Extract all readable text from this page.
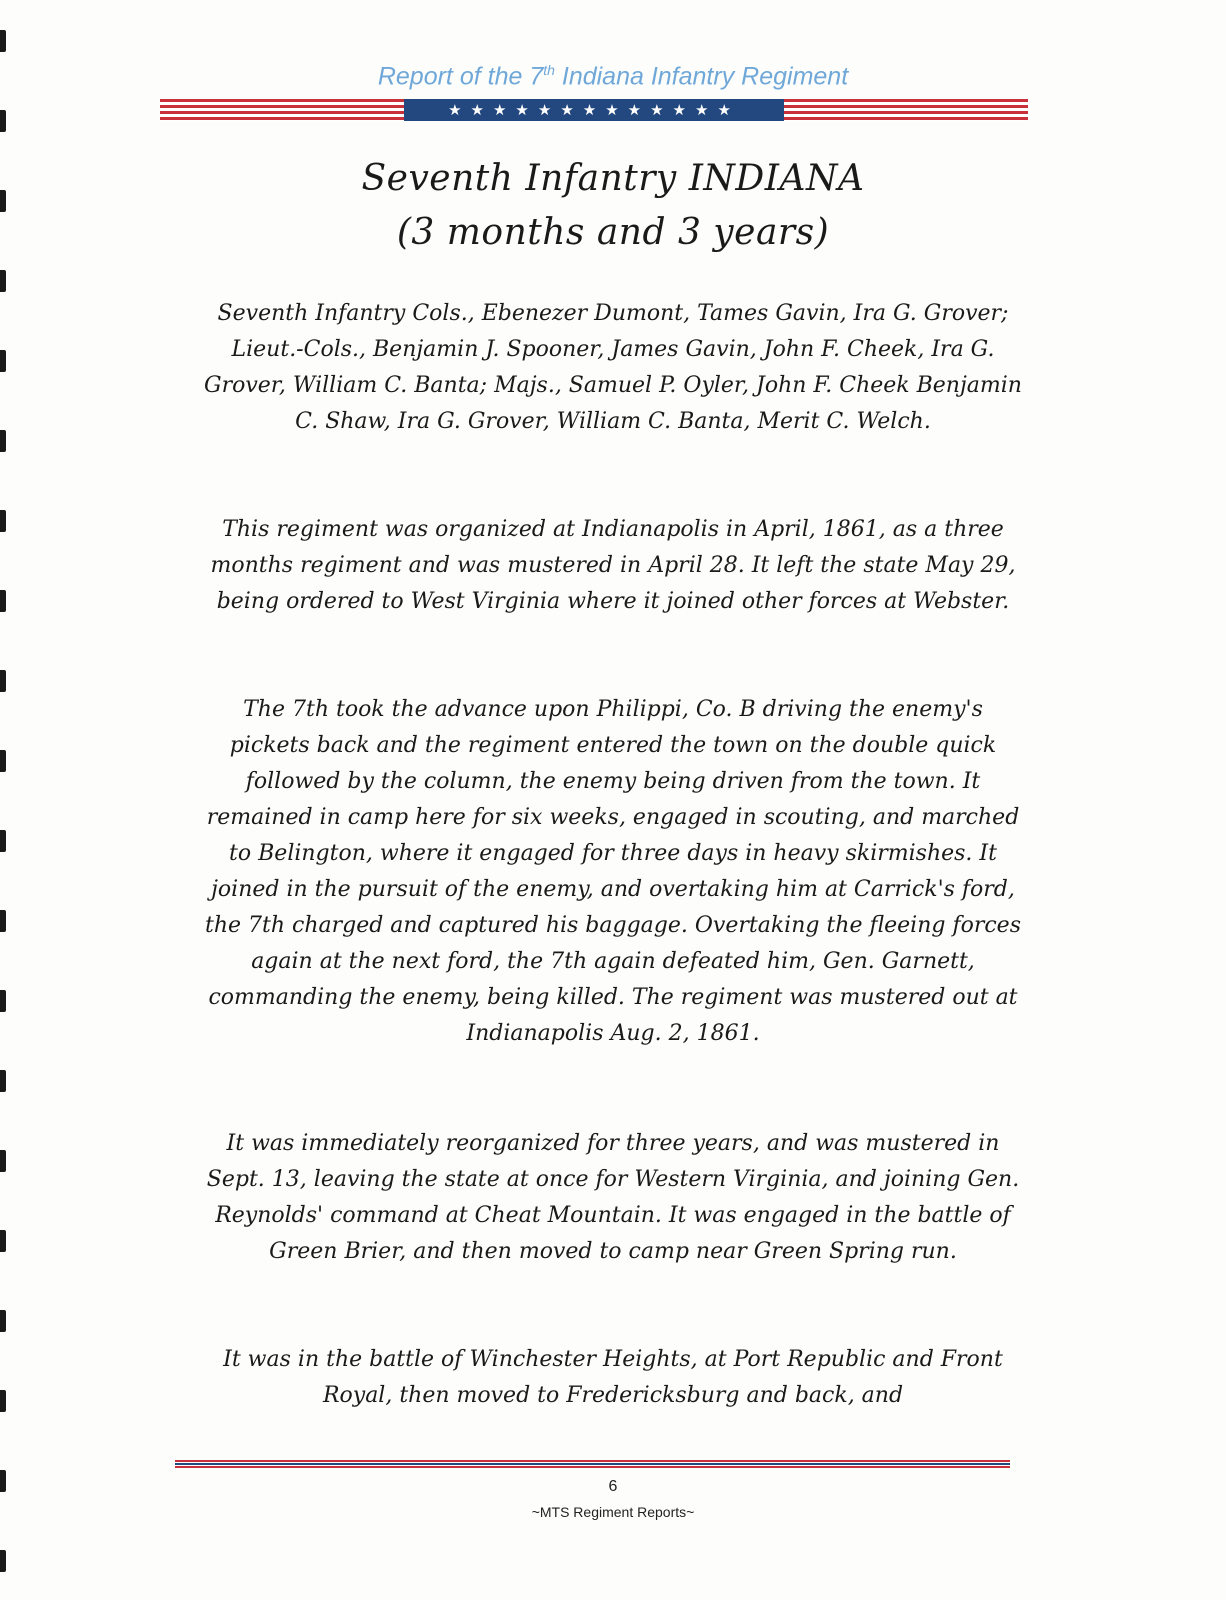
Report of the 7th Indiana Infantry Regiment
★★★★★★★★★★★★★
Seventh Infantry INDIANA
(3 months and 3 years)
Seventh Infantry Cols., Ebenezer Dumont, Tames Gavin, Ira G. Grover; Lieut.-Cols., Benjamin J. Spooner, James Gavin, John F. Cheek, Ira G. Grover, William C. Banta; Majs., Samuel P. Oyler, John F. Cheek Benjamin C. Shaw, Ira G. Grover, William C. Banta, Merit C. Welch.
This regiment was organized at Indianapolis in April, 1861, as a three months regiment and was mustered in April 28. It left the state May 29, being ordered to West Virginia where it joined other forces at Webster.
The 7th took the advance upon Philippi, Co. B driving the enemy's pickets back and the regiment entered the town on the double quick followed by the column, the enemy being driven from the town. It remained in camp here for six weeks, engaged in scouting, and marched to Belington, where it engaged for three days in heavy skirmishes. It joined in the pursuit of the enemy, and overtaking him at Carrick's ford, the 7th charged and captured his baggage. Overtaking the fleeing forces again at the next ford, the 7th again defeated him, Gen. Garnett, commanding the enemy, being killed. The regiment was mustered out at Indianapolis Aug. 2, 1861.
It was immediately reorganized for three years, and was mustered in Sept. 13, leaving the state at once for Western Virginia, and joining Gen. Reynolds' command at Cheat Mountain. It was engaged in the battle of Green Brier, and then moved to camp near Green Spring run.
It was in the battle of Winchester Heights, at Port Republic and Front Royal, then moved to Fredericksburg and back, and
6
~MTS Regiment Reports~
